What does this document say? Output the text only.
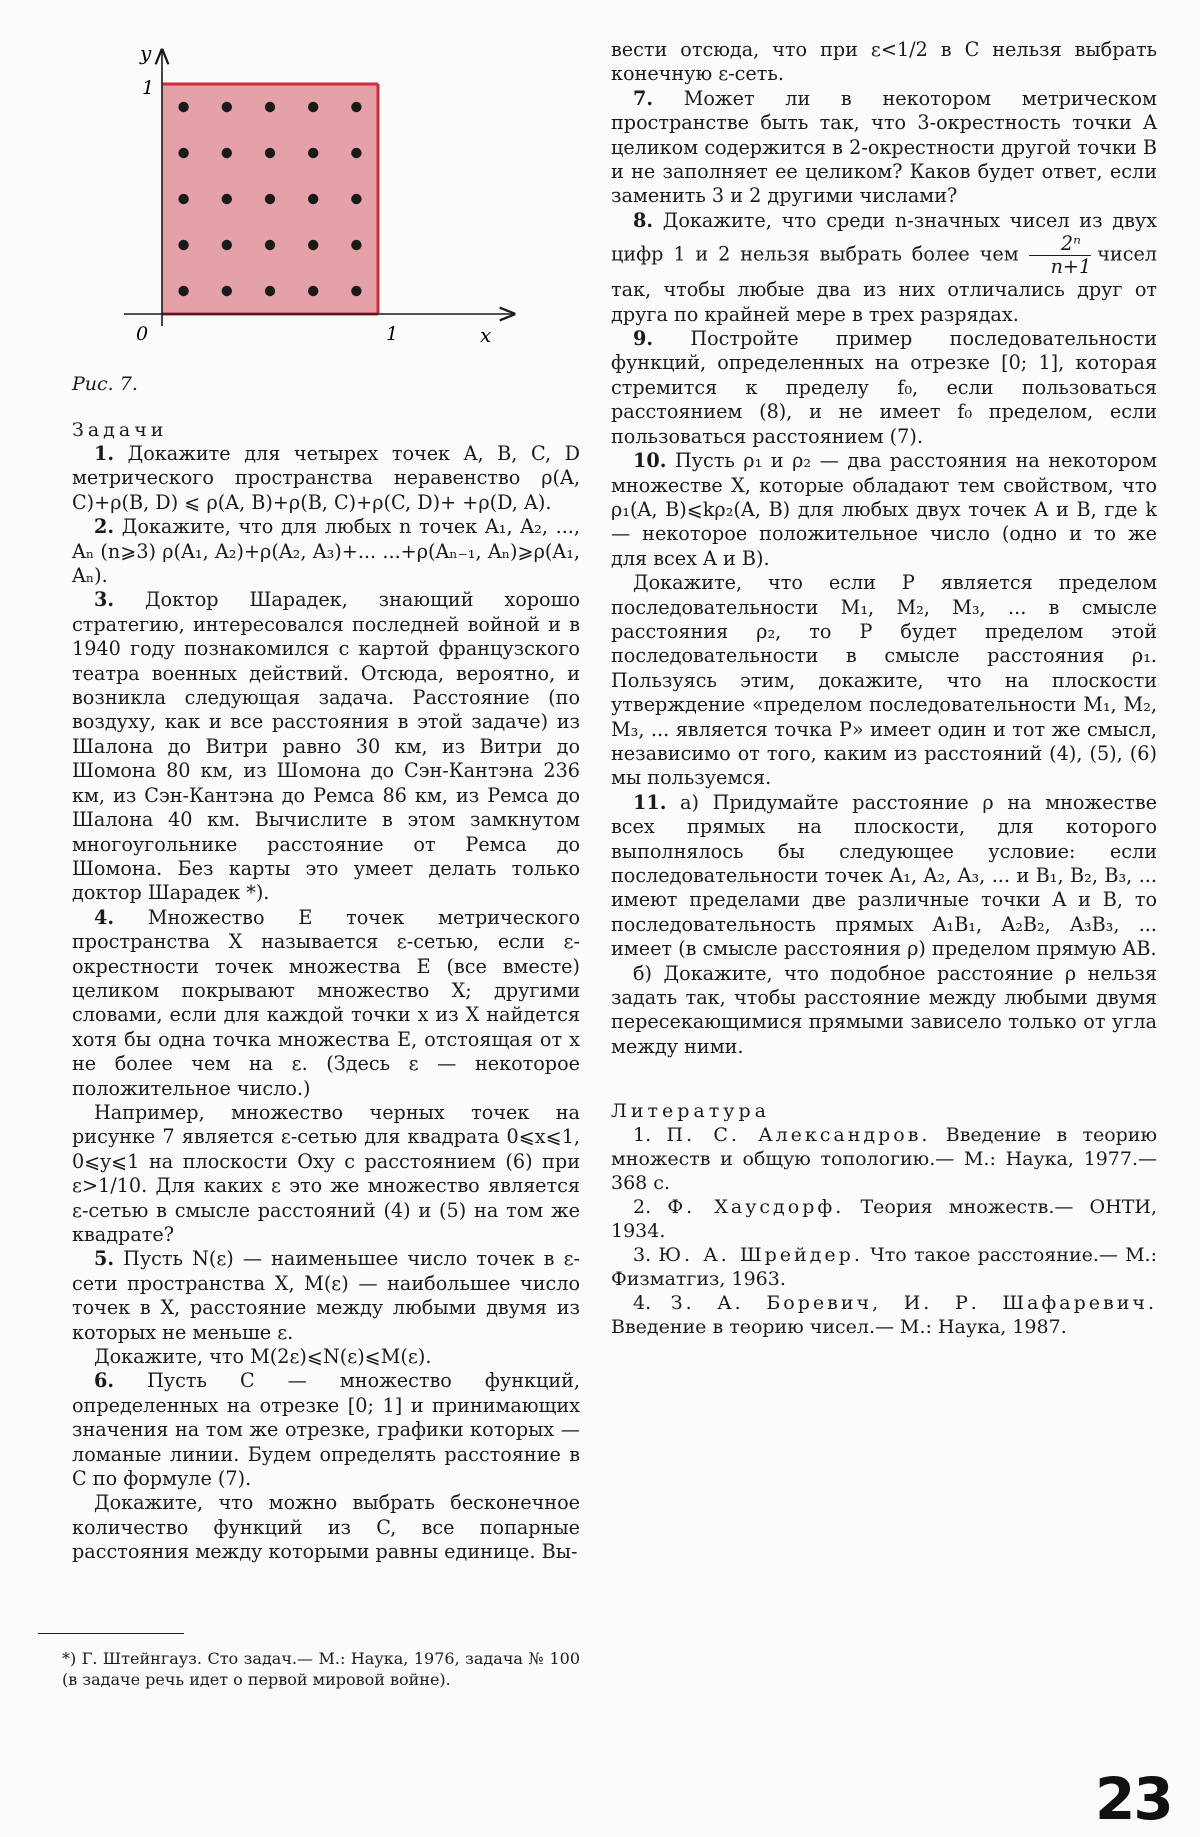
y
1
0	1	x
Рис. 7.

Задачи

1. Докажите для четырех точек A, B, C, D метрического пространства неравенство ρ(A, C)+ρ(B, D) ⩽ ρ(A, B)+ρ(B, C)+ρ(C, D)+ +ρ(D, A).

2. Докажите, что для любых n точек A₁, A₂, ..., Aₙ (n⩾3) ρ(A₁, A₂)+ρ(A₂, A₃)+... ...+ρ(Aₙ₋₁, Aₙ)⩾ρ(A₁, Aₙ).

3. Доктор Шарадек, знающий хорошо стратегию, интересовался последней войной и в 1940 году познакомился с картой французского театра военных действий. Отсюда, вероятно, и возникла следующая задача. Расстояние (по воздуху, как и все расстояния в этой задаче) из Шалона до Витри равно 30 км, из Витри до Шомона 80 км, из Шомона до Сэн-Кантэна 236 км, из Сэн-Кантэна до Ремса 86 км, из Ремса до Шалона 40 км. Вычислите в этом замкнутом многоугольнике расстояние от Ремса до Шомона. Без карты это умеет делать только доктор Шарадек *).

4. Множество E точек метрического пространства X называется ε-сетью, если ε-окрестности точек множества E (все вместе) целиком покрывают множество X; другими словами, если для каждой точки x из X найдется хотя бы одна точка множества E, отстоящая от x не более чем на ε. (Здесь ε — некоторое положительное число.)

Например, множество черных точек на рисунке 7 является ε-сетью для квадрата 0⩽x⩽1, 0⩽y⩽1 на плоскости Oxy с расстоянием (6) при ε>1/10. Для каких ε это же множество является ε-сетью в смысле расстояний (4) и (5) на том же квадрате?

5. Пусть N(ε) — наименьшее число точек в ε-сети пространства X, M(ε) — наибольшее число точек в X, расстояние между любыми двумя из которых не меньше ε.

Докажите, что M(2ε)⩽N(ε)⩽M(ε).

6. Пусть C — множество функций, определенных на отрезке [0; 1] и принимающих значения на том же отрезке, графики которых — ломаные линии. Будем определять расстояние в C по формуле (7).

Докажите, что можно выбрать бесконечное количество функций из C, все попарные расстояния между которыми равны единице. Вы-

*) Г. Штейнгауз. Сто задач.— М.: Наука, 1976, задача № 100 (в задаче речь идет о первой мировой войне).

вести отсюда, что при ε<1/2 в C нельзя выбрать конечную ε-сеть.

7. Может ли в некотором метрическом пространстве быть так, что 3-окрестность точки A целиком содержится в 2-окрестности другой точки B и не заполняет ее целиком? Каков будет ответ, если заменить 3 и 2 другими числами?

8. Докажите, что среди n-значных чисел из двух цифр 1 и 2 нельзя выбрать более чем $\frac{\text{2ⁿ}}{n+1}$ чисел так, чтобы любые два из них отличались друг от друга по крайней мере в трех разрядах.

9. Постройте пример последовательности функций, определенных на отрезке [0; 1], которая стремится к пределу f₀, если пользоваться расстоянием (8), и не имеет f₀ пределом, если пользоваться расстоянием (7).

10. Пусть ρ₁ и ρ₂ — два расстояния на некотором множестве X, которые обладают тем свойством, что ρ₁(A, B)⩽kρ₂(A, B) для любых двух точек A и B, где k — некоторое положительное число (одно и то же для всех A и B).

Докажите, что если P является пределом последовательности M₁, M₂, M₃, ... в смысле расстояния ρ₂, то P будет пределом этой последовательности в смысле расстояния ρ₁. Пользуясь этим, докажите, что на плоскости утверждение «пределом последовательности M₁, M₂, M₃, ... является точка P» имеет один и тот же смысл, независимо от того, каким из расстояний (4), (5), (6) мы пользуемся.

11. а) Придумайте расстояние ρ на множестве всех прямых на плоскости, для которого выполнялось бы следующее условие: если последовательности точек A₁, A₂, A₃, ... и B₁, B₂, B₃, ... имеют пределами две различные точки A и B, то последовательность прямых A₁B₁, A₂B₂, A₃B₃, ... имеет (в смысле расстояния ρ) пределом прямую AB.

б) Докажите, что подобное расстояние ρ нельзя задать так, чтобы расстояние между любыми двумя пересекающимися прямыми зависело только от угла между ними.

Литература

1. П. С. Александров. Введение в теорию множеств и общую топологию.— М.: Наука, 1977.— 368 с.

2. Ф. Хаусдорф. Теория множеств.— ОНТИ, 1934.

3. Ю. А. Шрейдер. Что такое расстояние.— М.: Физматгиз, 1963.

4. З. А. Боревич, И. Р. Шафаревич. Введение в теорию чисел.— М.: Наука, 1987.

23
